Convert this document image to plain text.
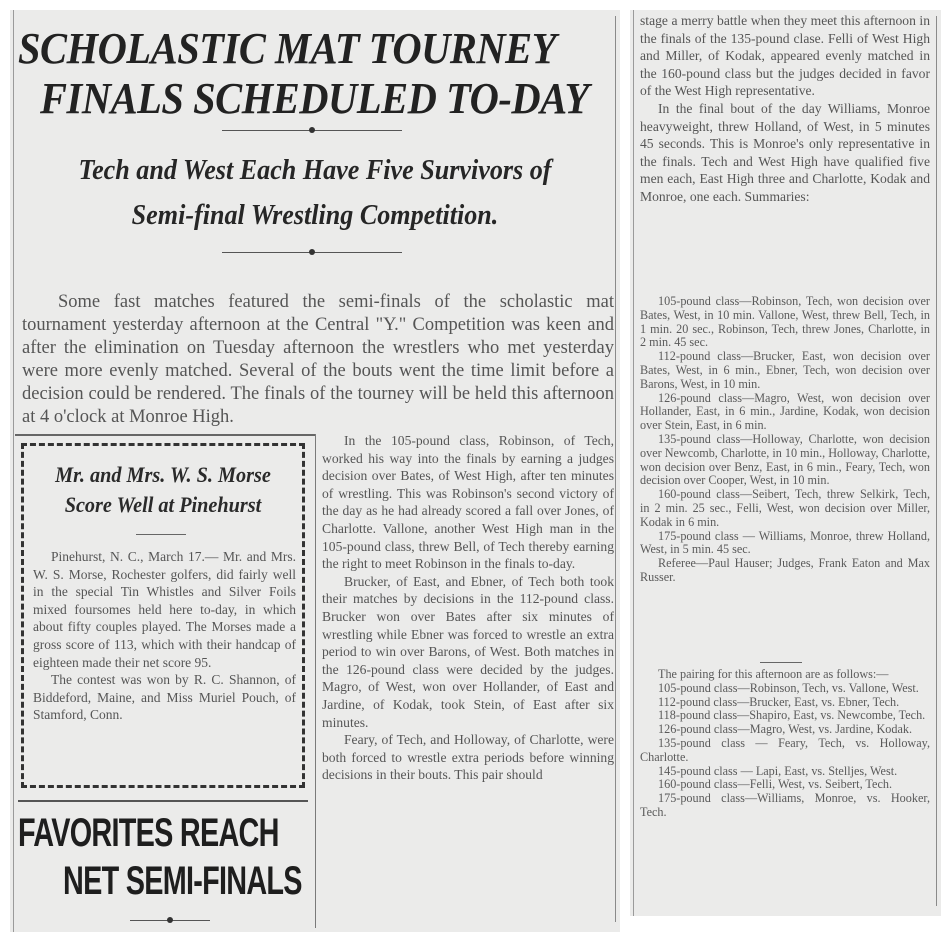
SCHOLASTIC MAT TOURNEY
FINALS SCHEDULED TO-DAY
Tech and West Each Have Five Survivors of
Semi-final Wrestling Competition.

Some fast matches featured the semi-finals of the scholastic mat tournament yesterday afternoon at the Central "Y." Competition was keen and after the elimination on Tuesday afternoon the wrestlers who met yesterday were more evenly matched. Several of the bouts went the time limit before a decision could be rendered. The finals of the tourney will be held this afternoon at 4 o'clock at Monroe High.

Mr. and Mrs. W. S. Morse
Score Well at Pinehurst

Pinehurst, N. C., March 17.— Mr. and Mrs. W. S. Morse, Rochester golfers, did fairly well in the special Tin Whistles and Silver Foils mixed foursomes held here to-day, in which about fifty couples played. The Morses made a gross score of 113, which with their handcap of eighteen made their net score 95.

The contest was won by R. C. Shannon, of Biddeford, Maine, and Miss Muriel Pouch, of Stamford, Conn.

FAVORITES REACH
NET SEMI-FINALS

In the 105-pound class, Robinson, of Tech, worked his way into the finals by earning a judges decision over Bates, of West High, after ten minutes of wrestling. This was Robinson's second victory of the day as he had already scored a fall over Jones, of Charlotte. Vallone, another West High man in the 105-pound class, threw Bell, of Tech thereby earning the right to meet Robinson in the finals to-day.

Brucker, of East, and Ebner, of Tech both took their matches by decisions in the 112-pound class. Brucker won over Bates after six minutes of wrestling while Ebner was forced to wrestle an extra period to win over Barons, of West. Both matches in the 126-pound class were decided by the judges. Magro, of West, won over Hollander, of East and Jardine, of Kodak, took Stein, of East after six minutes.

Feary, of Tech, and Holloway, of Charlotte, were both forced to wrestle extra periods before winning decisions in their bouts. This pair should

stage a merry battle when they meet this afternoon in the finals of the 135-pound clase. Felli of West High and Miller, of Kodak, appeared evenly matched in the 160-pound class but the judges decided in favor of the West High representative.

In the final bout of the day Williams, Monroe heavyweight, threw Holland, of West, in 5 minutes 45 seconds. This is Monroe's only representative in the finals. Tech and West High have qualified five men each, East High three and Charlotte, Kodak and Monroe, one each. Summaries:

105-pound class—Robinson, Tech, won decision over Bates, West, in 10 min. Vallone, West, threw Bell, Tech, in 1 min. 20 sec., Robinson, Tech, threw Jones, Charlotte, in 2 min. 45 sec.

112-pound class—Brucker, East, won decision over Bates, West, in 6 min., Ebner, Tech, won decision over Barons, West, in 10 min.

126-pound class—Magro, West, won decision over Hollander, East, in 6 min., Jardine, Kodak, won decision over Stein, East, in 6 min.

135-pound class—Holloway, Charlotte, won decision over Newcomb, Charlotte, in 10 min., Holloway, Charlotte, won decision over Benz, East, in 6 min., Feary, Tech, won decision over Cooper, West, in 10 min.

160-pound class—Seibert, Tech, threw Selkirk, Tech, in 2 min. 25 sec., Felli, West, won decision over Miller, Kodak in 6 min.

175-pound class — Williams, Monroe, threw Holland, West, in 5 min. 45 sec.

Referee—Paul Hauser; Judges, Frank Eaton and Max Russer.

The pairing for this afternoon are as follows:—

105-pound class—Robinson, Tech, vs. Vallone, West.

112-pound class—Brucker, East, vs. Ebner, Tech.

118-pound class—Shapiro, East, vs. Newcombe, Tech.

126-pound class—Magro, West, vs. Jardine, Kodak.

135-pound class — Feary, Tech, vs. Holloway, Charlotte.

145-pound class — Lapi, East, vs. Stelljes, West.

160-pound class—Felli, West, vs. Seibert, Tech.

175-pound class—Williams, Monroe, vs. Hooker, Tech.
